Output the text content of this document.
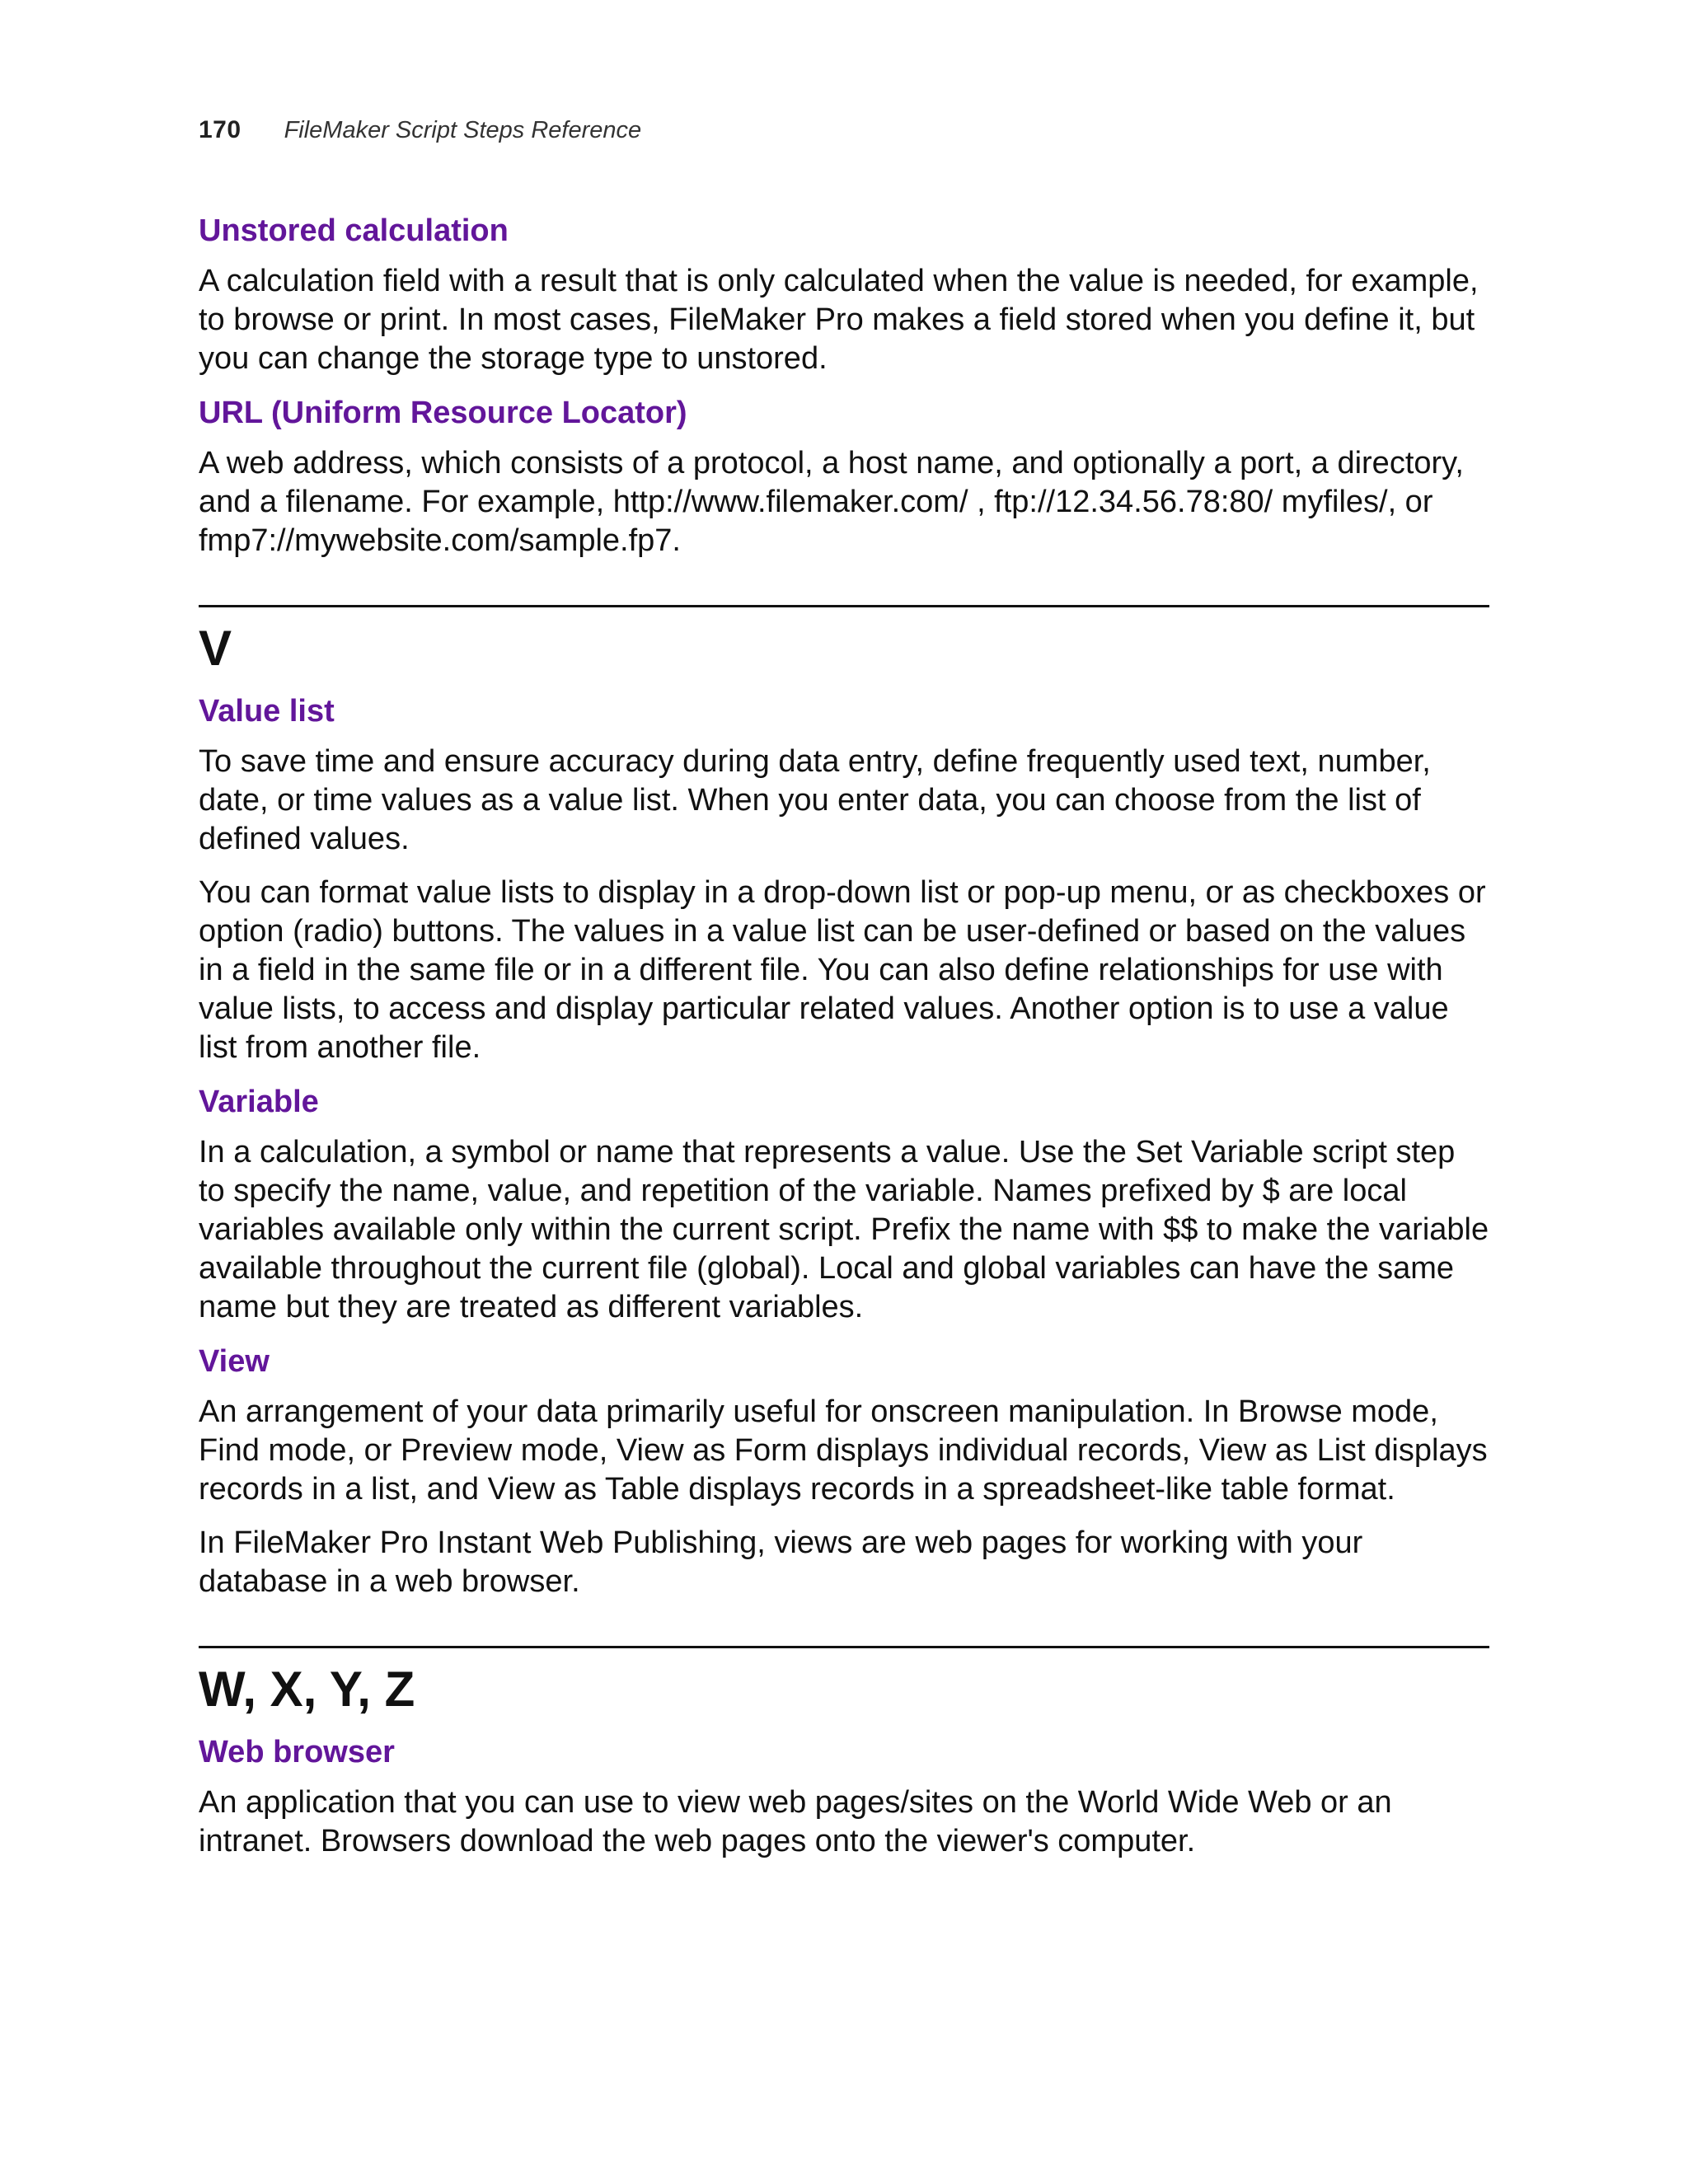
170 FileMaker Script Steps Reference
Unstored calculation

A calculation field with a result that is only calculated when the value is needed, for example, to browse or print. In most cases, FileMaker Pro makes a field stored when you define it, but you can change the storage type to unstored.

URL (Uniform Resource Locator)

A web address, which consists of a protocol, a host name, and optionally a port, a directory, and a filename. For example, http://www.filemaker.com/ , ftp://12.34.56.78:80/ myfiles/, or fmp7://mywebsite.com/sample.fp7.

V
Value list

To save time and ensure accuracy during data entry, define frequently used text, number, date, or time values as a value list. When you enter data, you can choose from the list of defined values.

You can format value lists to display in a drop-down list or pop-up menu, or as checkboxes or option (radio) buttons. The values in a value list can be user-defined or based on the values in a field in the same file or in a different file. You can also define relationships for use with value lists, to access and display particular related values. Another option is to use a value list from another file.

Variable

In a calculation, a symbol or name that represents a value. Use the Set Variable script step to specify the name, value, and repetition of the variable. Names prefixed by $ are local variables available only within the current script. Prefix the name with $$ to make the variable available throughout the current file (global). Local and global variables can have the same name but they are treated as different variables.

View

An arrangement of your data primarily useful for onscreen manipulation. In Browse mode, Find mode, or Preview mode, View as Form displays individual records, View as List displays records in a list, and View as Table displays records in a spreadsheet-like table format.

In FileMaker Pro Instant Web Publishing, views are web pages for working with your database in a web browser.

W, X, Y, Z
Web browser

An application that you can use to view web pages/sites on the World Wide Web or an intranet. Browsers download the web pages onto the viewer's computer.
